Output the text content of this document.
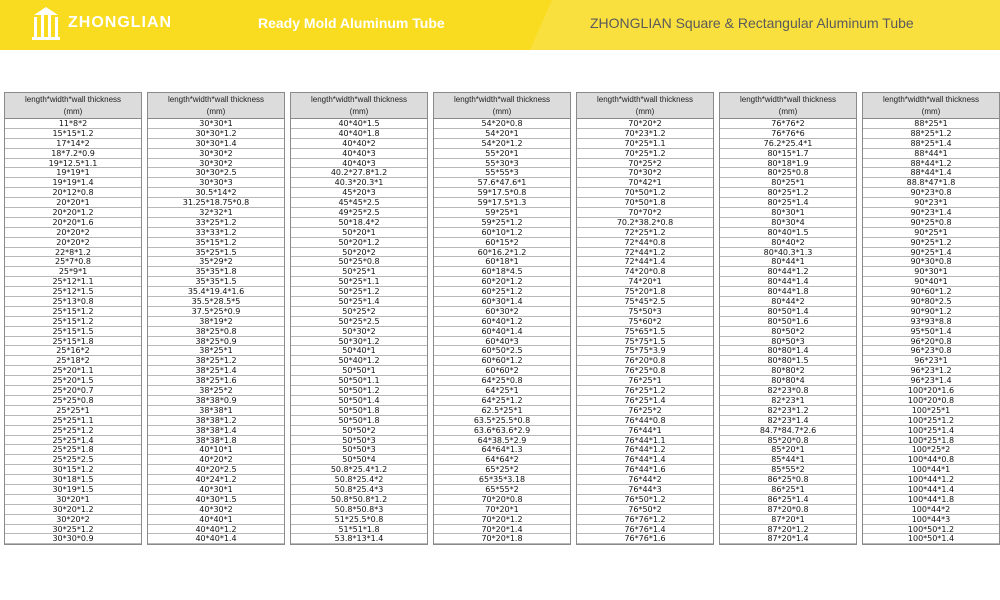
ZHONGLIAN	Ready Mold Aluminum Tube	ZHONGLIAN Square & Rectangular Aluminum Tube
length*width*wall thickness
(mm)
11*8*2
15*15*1.2
17*14*2
18*7.2*0.9
19*12.5*1.1
19*19*1
19*19*1.4
20*12*0.8
20*20*1
20*20*1.2
20*20*1.6
20*20*2
20*20*2
22*8*1.2
25*7*0.8
25*9*1
25*12*1.1
25*12*1.5
25*13*0.8
25*15*1.2
25*15*1.2
25*15*1.5
25*15*1.8
25*16*2
25*18*2
25*20*1.1
25*20*1.5
25*20*0.7
25*25*0.8
25*25*1
25*25*1.1
25*25*1.2
25*25*1.4
25*25*1.8
25*25*2.5
30*15*1.2
30*18*1.5
30*19*1.5
30*20*1
30*20*1.2
30*20*2
30*25*1.2
30*30*0.9
length*width*wall thickness
(mm)
30*30*1
30*30*1.2
30*30*1.4
30*30*2
30*30*2
30*30*2.5
30*30*3
30.5*14*2
31.25*18.75*0.8
32*32*1
33*25*1.2
33*33*1.2
35*15*1.2
35*25*1.5
35*29*2
35*35*1.8
35*35*1.5
35.4*19.4*1.6
35.5*28.5*5
37.5*25*0.9
38*19*2
38*25*0.8
38*25*0.9
38*25*1
38*25*1.2
38*25*1.4
38*25*1.6
38*25*2
38*38*0.9
38*38*1
38*38*1.2
38*38*1.4
38*38*1.8
40*10*1
40*20*2
40*20*2.5
40*24*1.2
40*30*1
40*30*1.5
40*30*2
40*40*1
40*40*1.2
40*40*1.4
length*width*wall thickness
(mm)
40*40*1.5
40*40*1.8
40*40*2
40*40*3
40*40*3
40.2*27.8*1.2
40.3*20.3*1
45*20*3
45*45*2.5
49*25*2.5
50*18.4*2
50*20*1
50*20*1.2
50*20*2
50*25*0.8
50*25*1
50*25*1.1
50*25*1.2
50*25*1.4
50*25*2
50*25*2.5
50*30*2
50*30*1.2
50*40*1
50*40*1.2
50*50*1
50*50*1.1
50*50*1.2
50*50*1.4
50*50*1.8
50*50*1.8
50*50*2
50*50*3
50*50*3
50*50*4
50.8*25.4*1.2
50.8*25.4*2
50.8*25.4*3
50.8*50.8*1.2
50.8*50.8*3
51*25.5*0.8
51*51*1.8
53.8*13*1.4
length*width*wall thickness
(mm)
54*20*0.8
54*20*1
54*20*1.2
55*20*1
55*30*3
55*55*3
57.6*47.6*1
59*17.5*0.8
59*17.5*1.3
59*25*1
59*25*1.2
60*10*1.2
60*15*2
60*16.2*1.2
60*18*1
60*18*4.5
60*20*1.2
60*25*1.2
60*30*1.4
60*30*2
60*40*1.2
60*40*1.4
60*40*3
60*50*2.5
60*60*1.2
60*60*2
64*25*0.8
64*25*1
64*25*1.2
62.5*25*1
63.5*25.5*0.8
63.6*63.6*2.9
64*38.5*2.9
64*64*1.3
64*64*2
65*25*2
65*35*3.18
65*55*2
70*20*0.8
70*20*1
70*20*1.2
70*20*1.4
70*20*1.8
length*width*wall thickness
(mm)
70*20*2
70*23*1.2
70*25*1.1
70*25*1.2
70*25*2
70*30*2
70*42*1
70*50*1.2
70*50*1.8
70*70*2
70.2*38.2*0.8
72*25*1.2
72*44*0.8
72*44*1.2
72*44*1.4
74*20*0.8
74*20*1
75*20*1.8
75*45*2.5
75*50*3
75*60*2
75*65*1.5
75*75*1.5
75*75*3.9
76*20*0.8
76*25*0.8
76*25*1
76*25*1.2
76*25*1.4
76*25*2
76*44*0.8
76*44*1
76*44*1.1
76*44*1.2
76*44*1.4
76*44*1.6
76*44*2
76*44*3
76*50*1.2
76*50*2
76*76*1.2
76*76*1.4
76*76*1.6
length*width*wall thickness
(mm)
76*76*2
76*76*6
76.2*25.4*1
80*15*1.7
80*18*1.9
80*25*0.8
80*25*1
80*25*1.2
80*25*1.4
80*30*1
80*30*4
80*40*1.5
80*40*2
80*40.3*1.3
80*44*1
80*44*1.2
80*44*1.4
80*44*1.8
80*44*2
80*50*1.4
80*50*1.6
80*50*2
80*50*3
80*80*1.4
80*80*1.5
80*80*2
80*80*4
82*23*0.8
82*23*1
82*23*1.2
82*23*1.4
84.7*84.7*2.6
85*20*0.8
85*20*1
85*44*1
85*55*2
86*25*0.8
86*25*1
86*25*1.4
87*20*0.8
87*20*1
87*20*1.2
87*20*1.4
length*width*wall thickness
(mm)
88*25*1
88*25*1.2
88*25*1.4
88*44*1
88*44*1.2
88*44*1.4
88.8*47*1.8
90*23*0.8
90*23*1
90*23*1.4
90*25*0.8
90*25*1
90*25*1.2
90*25*1.4
90*30*0.8
90*30*1
90*40*1
90*60*1.2
90*80*2.5
90*90*1.2
93*93*8.8
95*50*1.4
96*20*0.8
96*23*0.8
96*23*1
96*23*1.2
96*23*1.4
100*20*1.6
100*20*0.8
100*25*1
100*25*1.2
100*25*1.4
100*25*1.8
100*25*2
100*44*0.8
100*44*1
100*44*1.2
100*44*1.4
100*44*1.8
100*44*2
100*44*3
100*50*1.2
100*50*1.4
